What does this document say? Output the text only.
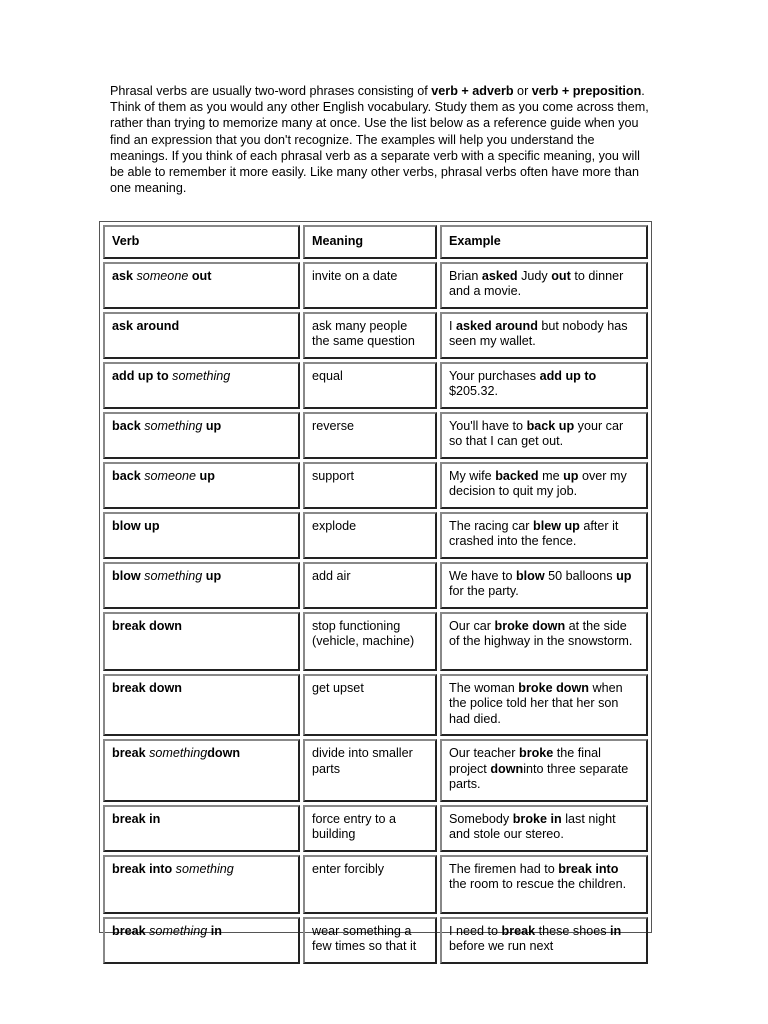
Phrasal verbs are usually two-word phrases consisting of verb + adverb or verb + preposition. Think of them as you would any other English vocabulary. Study them as you come across them, rather than trying to memorize many at once. Use the list below as a reference guide when you find an expression that you don't recognize. The examples will help you understand the meanings. If you think of each phrasal verb as a separate verb with a specific meaning, you will be able to remember it more easily. Like many other verbs, phrasal verbs often have more than one meaning.

Verb	Meaning	Example
ask someone out	invite on a date	Brian asked Judy out to dinner and a movie.
ask around	ask many people the same question	I asked around but nobody has seen my wallet.
add up to something	equal	Your purchases add up to $205.32.
back something up	reverse	You'll have to back up your car so that I can get out.
back someone up	support	My wife backed me up over my decision to quit my job.
blow up	explode	The racing car blew up after it crashed into the fence.
blow something up	add air	We have to blow 50 balloons up for the party.
break down	stop functioning (vehicle, machine)	Our car broke down at the side of the highway in the snowstorm.
break down	get upset	The woman broke down when the police told her that her son had died.
break somethingdown	divide into smaller parts	Our teacher broke the final project downinto three separate parts.
break in	force entry to a building	Somebody broke in last night and stole our stereo.
break into something	enter forcibly	The firemen had to break into the room to rescue the children.
break something in	wear something a few times so that it	I need to break these shoes in before we run next
